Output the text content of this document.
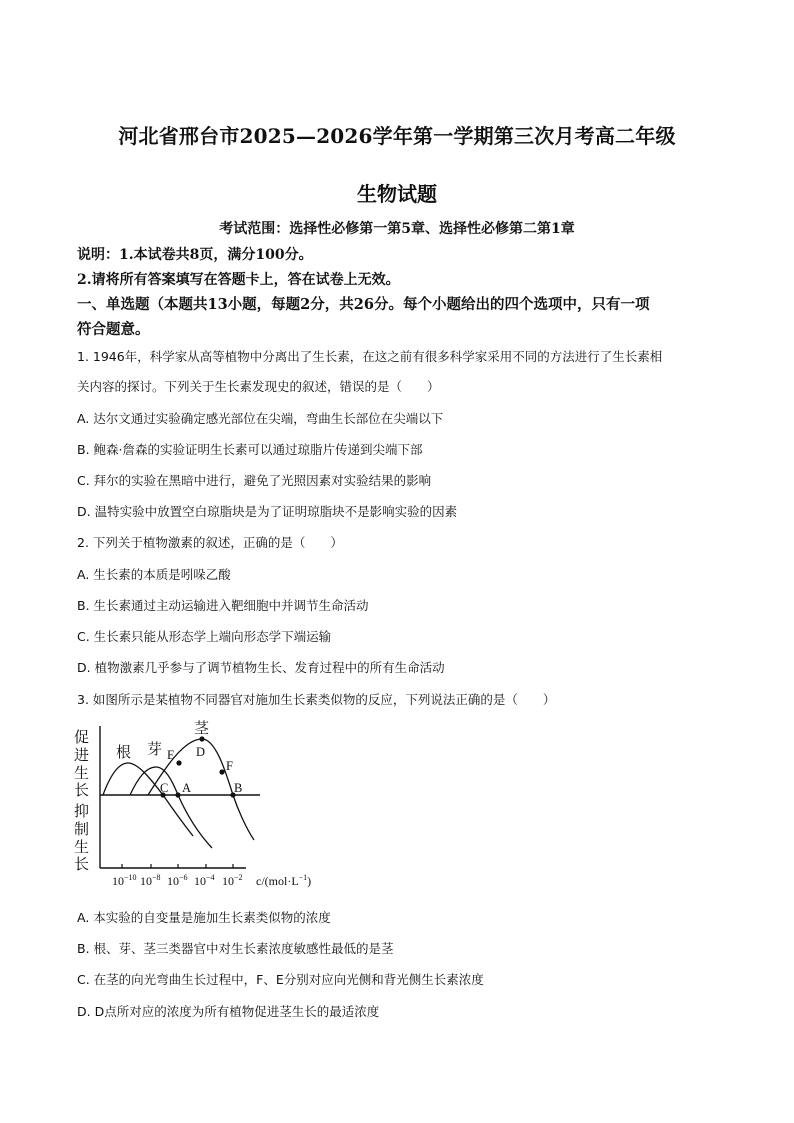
河北省邢台市2025—2026学年第一学期第三次月考高二年级
生物试题
考试范围：选择性必修第一第5章、选择性必修第二第1章
说明：1.本试卷共8页，满分100分。
2.请将所有答案填写在答题卡上，答在试卷上无效。
一、单选题（本题共13小题，每题2分，共26分。每个小题给出的四个选项中，只有一项
符合题意。
1. 1946年，科学家从高等植物中分离出了生长素，在这之前有很多科学家采用不同的方法进行了生长素相
关内容的探讨。下列关于生长素发现史的叙述，错误的是（　　）
A. 达尔文通过实验确定感光部位在尖端，弯曲生长部位在尖端以下
B. 鲍森·詹森的实验证明生长素可以通过琼脂片传递到尖端下部
C. 拜尔的实验在黑暗中进行，避免了光照因素对实验结果的影响
D. 温特实验中放置空白琼脂块是为了证明琼脂块不是影响实验的因素
2. 下列关于植物激素的叙述，正确的是（　　）
A. 生长素的本质是吲哚乙酸
B. 生长素通过主动运输进入靶细胞中并调节生命活动
C. 生长素只能从形态学上端向形态学下端运输
D. 植物激素几乎参与了调节植物生长、发育过程中的所有生命活动
3. 如图所示是某植物不同器官对施加生长素类似物的反应，下列说法正确的是（　　）
促
进
生
长
抑
制
生
长
根 芽
茎
E D
F
C A	B
$10^{-10}$ $10^{-8}$ $10^{-6}$ $10^{-4}$ $10^{-2}$ $c/(mol\cdot L^{-1})$
A. 本实验的自变量是施加生长素类似物的浓度
B. 根、芽、茎三类器官中对生长素浓度敏感性最低的是茎
C. 在茎的向光弯曲生长过程中，F、E分别对应向光侧和背光侧生长素浓度
D. D点所对应的浓度为所有植物促进茎生长的最适浓度
